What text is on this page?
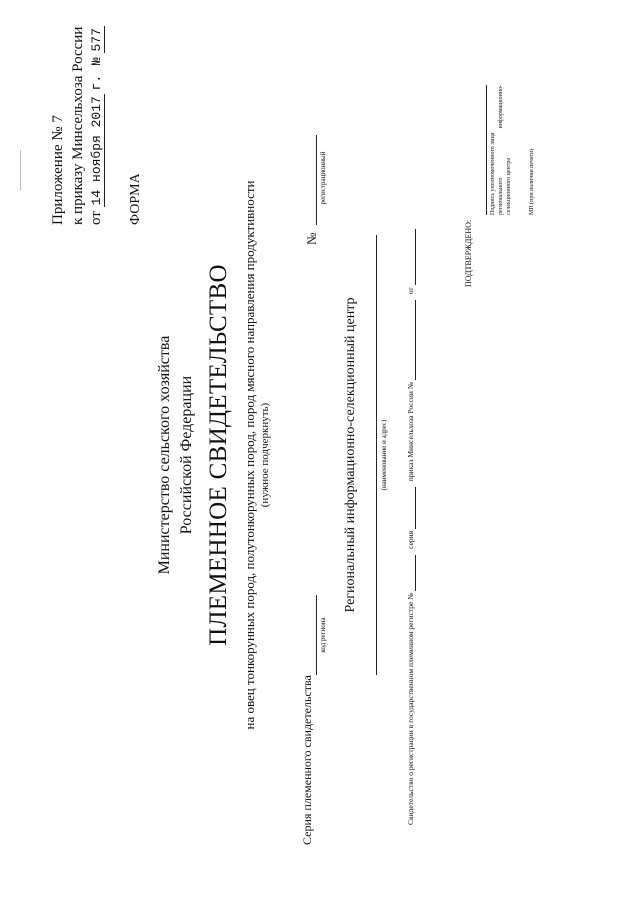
Приложение № 7 к приказу Минсельхоза России от 14 ноября 2017 г. № 577
ФОРМА
Министерство сельского хозяйства Российской Федерации ПЛЕМЕННОЕ СВИДЕТЕЛЬСТВО на овец тонкорунных пород, полутонкорунных пород, пород мясного направления продуктивности (нужное подчеркнуть)
Серия племенного свидетельства
код региона
№
регистрационный
Региональный информационно-селекционный центр	(наименование и адрес)
Свидетельство о регистрации в государственном племенном регистре №   серия   приказ Минсельхоза России №   от
ПОДТВЕРЖДЕНО:
Подпись уполномоченного лица регионального
информационно-
селекционного центра	МП (при наличии печати)
